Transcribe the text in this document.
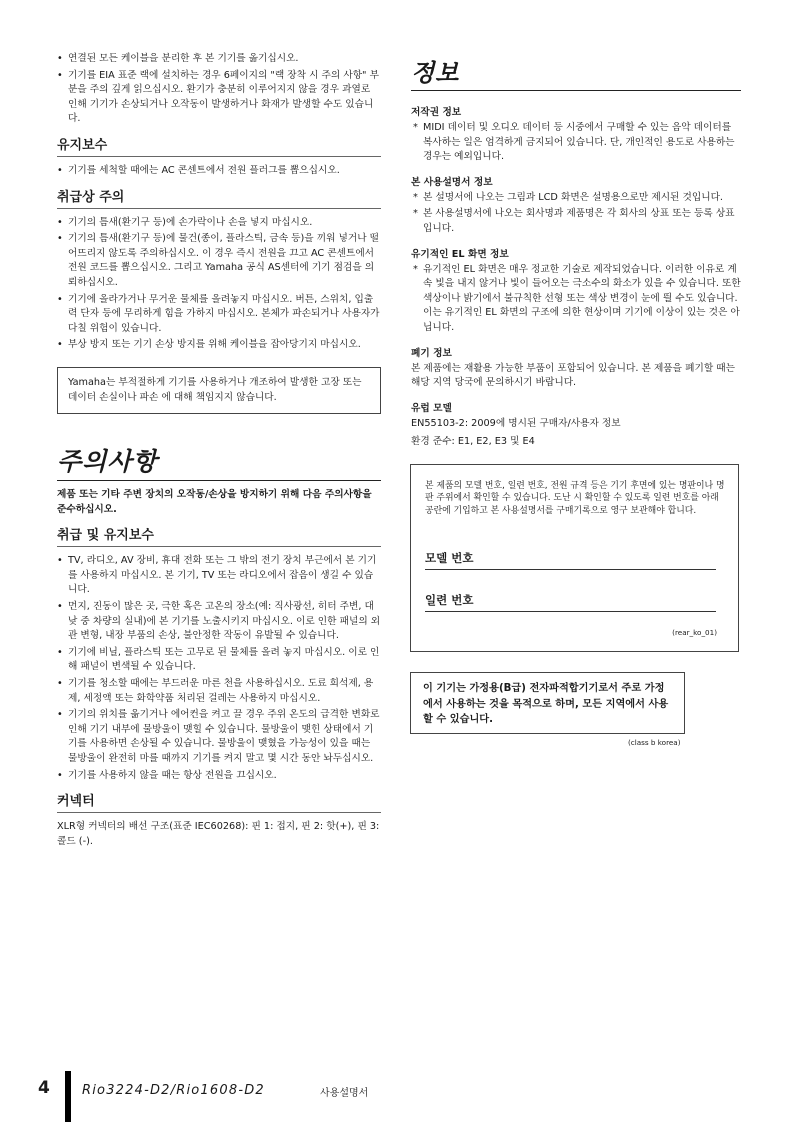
• 연결된 모든 케이블을 분리한 후 본 기기를 옮기십시오.
• 기기를 EIA 표준 랙에 설치하는 경우 6페이지의 "랙 장착 시 주의 사항" 부분을 주의 깊게 읽으십시오. 환기가 충분히 이루어지지 않을 경우 과열로 인해 기기가 손상되거나 오작동이 발생하거나 화재가 발생할 수도 있습니다.
유지보수
• 기기를 세척할 때에는 AC 콘센트에서 전원 플러그를 뽑으십시오.
취급상 주의
• 기기의 틈새(환기구 등)에 손가락이나 손을 넣지 마십시오.
• 기기의 틈새(환기구 등)에 물건(종이, 플라스틱, 금속 등)을 끼워 넣거나 떨어뜨리지 않도록 주의하십시오. 이 경우 즉시 전원을 끄고 AC 콘센트에서 전원 코드를 뽑으십시오. 그리고 Yamaha 공식 AS센터에 기기 점검을 의뢰하십시오.
• 기기에 올라가거나 무거운 물체를 올려놓지 마십시오. 버튼, 스위치, 입출력 단자 등에 무리하게 힘을 가하지 마십시오. 본체가 파손되거나 사용자가 다칠 위험이 있습니다.
• 부상 방지 또는 기기 손상 방지를 위해 케이블을 잡아당기지 마십시오.
Yamaha는 부적절하게 기기를 사용하거나 개조하여 발생한 고장 또는 데이터 손실이나 파손 에 대해 책임지지 않습니다.
주의사항

제품 또는 기타 주변 장치의 오작동/손상을 방지하기 위해 다음 주의사항을 준수하십시오.

취급 및 유지보수
• TV, 라디오, AV 장비, 휴대 전화 또는 그 밖의 전기 장치 부근에서 본 기기를 사용하지 마십시오. 본 기기, TV 또는 라디오에서 잡음이 생길 수 있습니다.
• 먼지, 진동이 많은 곳, 극한 혹은 고온의 장소(예: 직사광선, 히터 주변, 대낮 중 차량의 실내)에 본 기기를 노출시키지 마십시오. 이로 인한 패널의 외관 변형, 내장 부품의 손상, 불안정한 작동이 유발될 수 있습니다.
• 기기에 비닐, 플라스틱 또는 고무로 된 물체를 올려 놓지 마십시오. 이로 인해 패널이 변색될 수 있습니다.
• 기기를 청소할 때에는 부드러운 마른 천을 사용하십시오. 도료 희석제, 용제, 세정액 또는 화학약품 처리된 걸레는 사용하지 마십시오.
• 기기의 위치를 옮기거나 에어컨을 켜고 끌 경우 주위 온도의 급격한 변화로 인해 기기 내부에 물방울이 맺힐 수 있습니다. 물방울이 맺힌 상태에서 기기를 사용하면 손상될 수 있습니다. 물방울이 맺혔을 가능성이 있을 때는 물방울이 완전히 마를 때까지 기기를 켜지 말고 몇 시간 동안 놔두십시오.
• 기기를 사용하지 않을 때는 항상 전원을 끄십시오.
커넥터

XLR형 커넥터의 배선 구조(표준 IEC60268): 핀 1: 접지, 핀 2: 핫(+), 핀 3: 콜드 (-).

정보
저작권 정보
* MIDI 데이터 및 오디오 데이터 등 시중에서 구매할 수 있는 음악 데이터를 복사하는 일은 엄격하게 금지되어 있습니다. 단, 개인적인 용도로 사용하는 경우는 예외입니다.
본 사용설명서 정보
* 본 설명서에 나오는 그림과 LCD 화면은 설명용으로만 제시된 것입니다.
* 본 사용설명서에 나오는 회사명과 제품명은 각 회사의 상표 또는 등록 상표입니다.
유기적인 EL 화면 정보
* 유기적인 EL 화면은 매우 정교한 기술로 제작되었습니다. 이러한 이유로 계속 빛을 내지 않거나 빛이 들어오는 극소수의 화소가 있을 수 있습니다. 또한 색상이나 밝기에서 불규칙한 선형 또는 색상 변경이 눈에 띌 수도 있습니다. 이는 유기적인 EL 화면의 구조에 의한 현상이며 기기에 이상이 있는 것은 아닙니다.
폐기 정보

본 제품에는 재활용 가능한 부품이 포함되어 있습니다. 본 제품을 폐기할 때는 해당 지역 당국에 문의하시기 바랍니다.

유럽 모델

EN55103-2: 2009에 명시된 구매자/사용자 정보

환경 준수: E1, E2, E3 및 E4

본 제품의 모델 번호, 일련 번호, 전원 규격 등은 기기 후면에 있는 명판이나 명판 주위에서 확인할 수 있습니다. 도난 시 확인할 수 있도록 일련 번호를 아래 공란에 기입하고 본 사용설명서를 구매기록으로 영구 보관해야 합니다.

모델 번호
일련 번호
(rear_ko_01)
이 기기는 가정용(B급) 전자파적합기기로서 주로 가정에서 사용하는 것을 목적으로 하며, 모든 지역에서 사용할 수 있습니다.
(class b korea)
4 Rio3224-D2/Rio1608-D2	사용설명서
